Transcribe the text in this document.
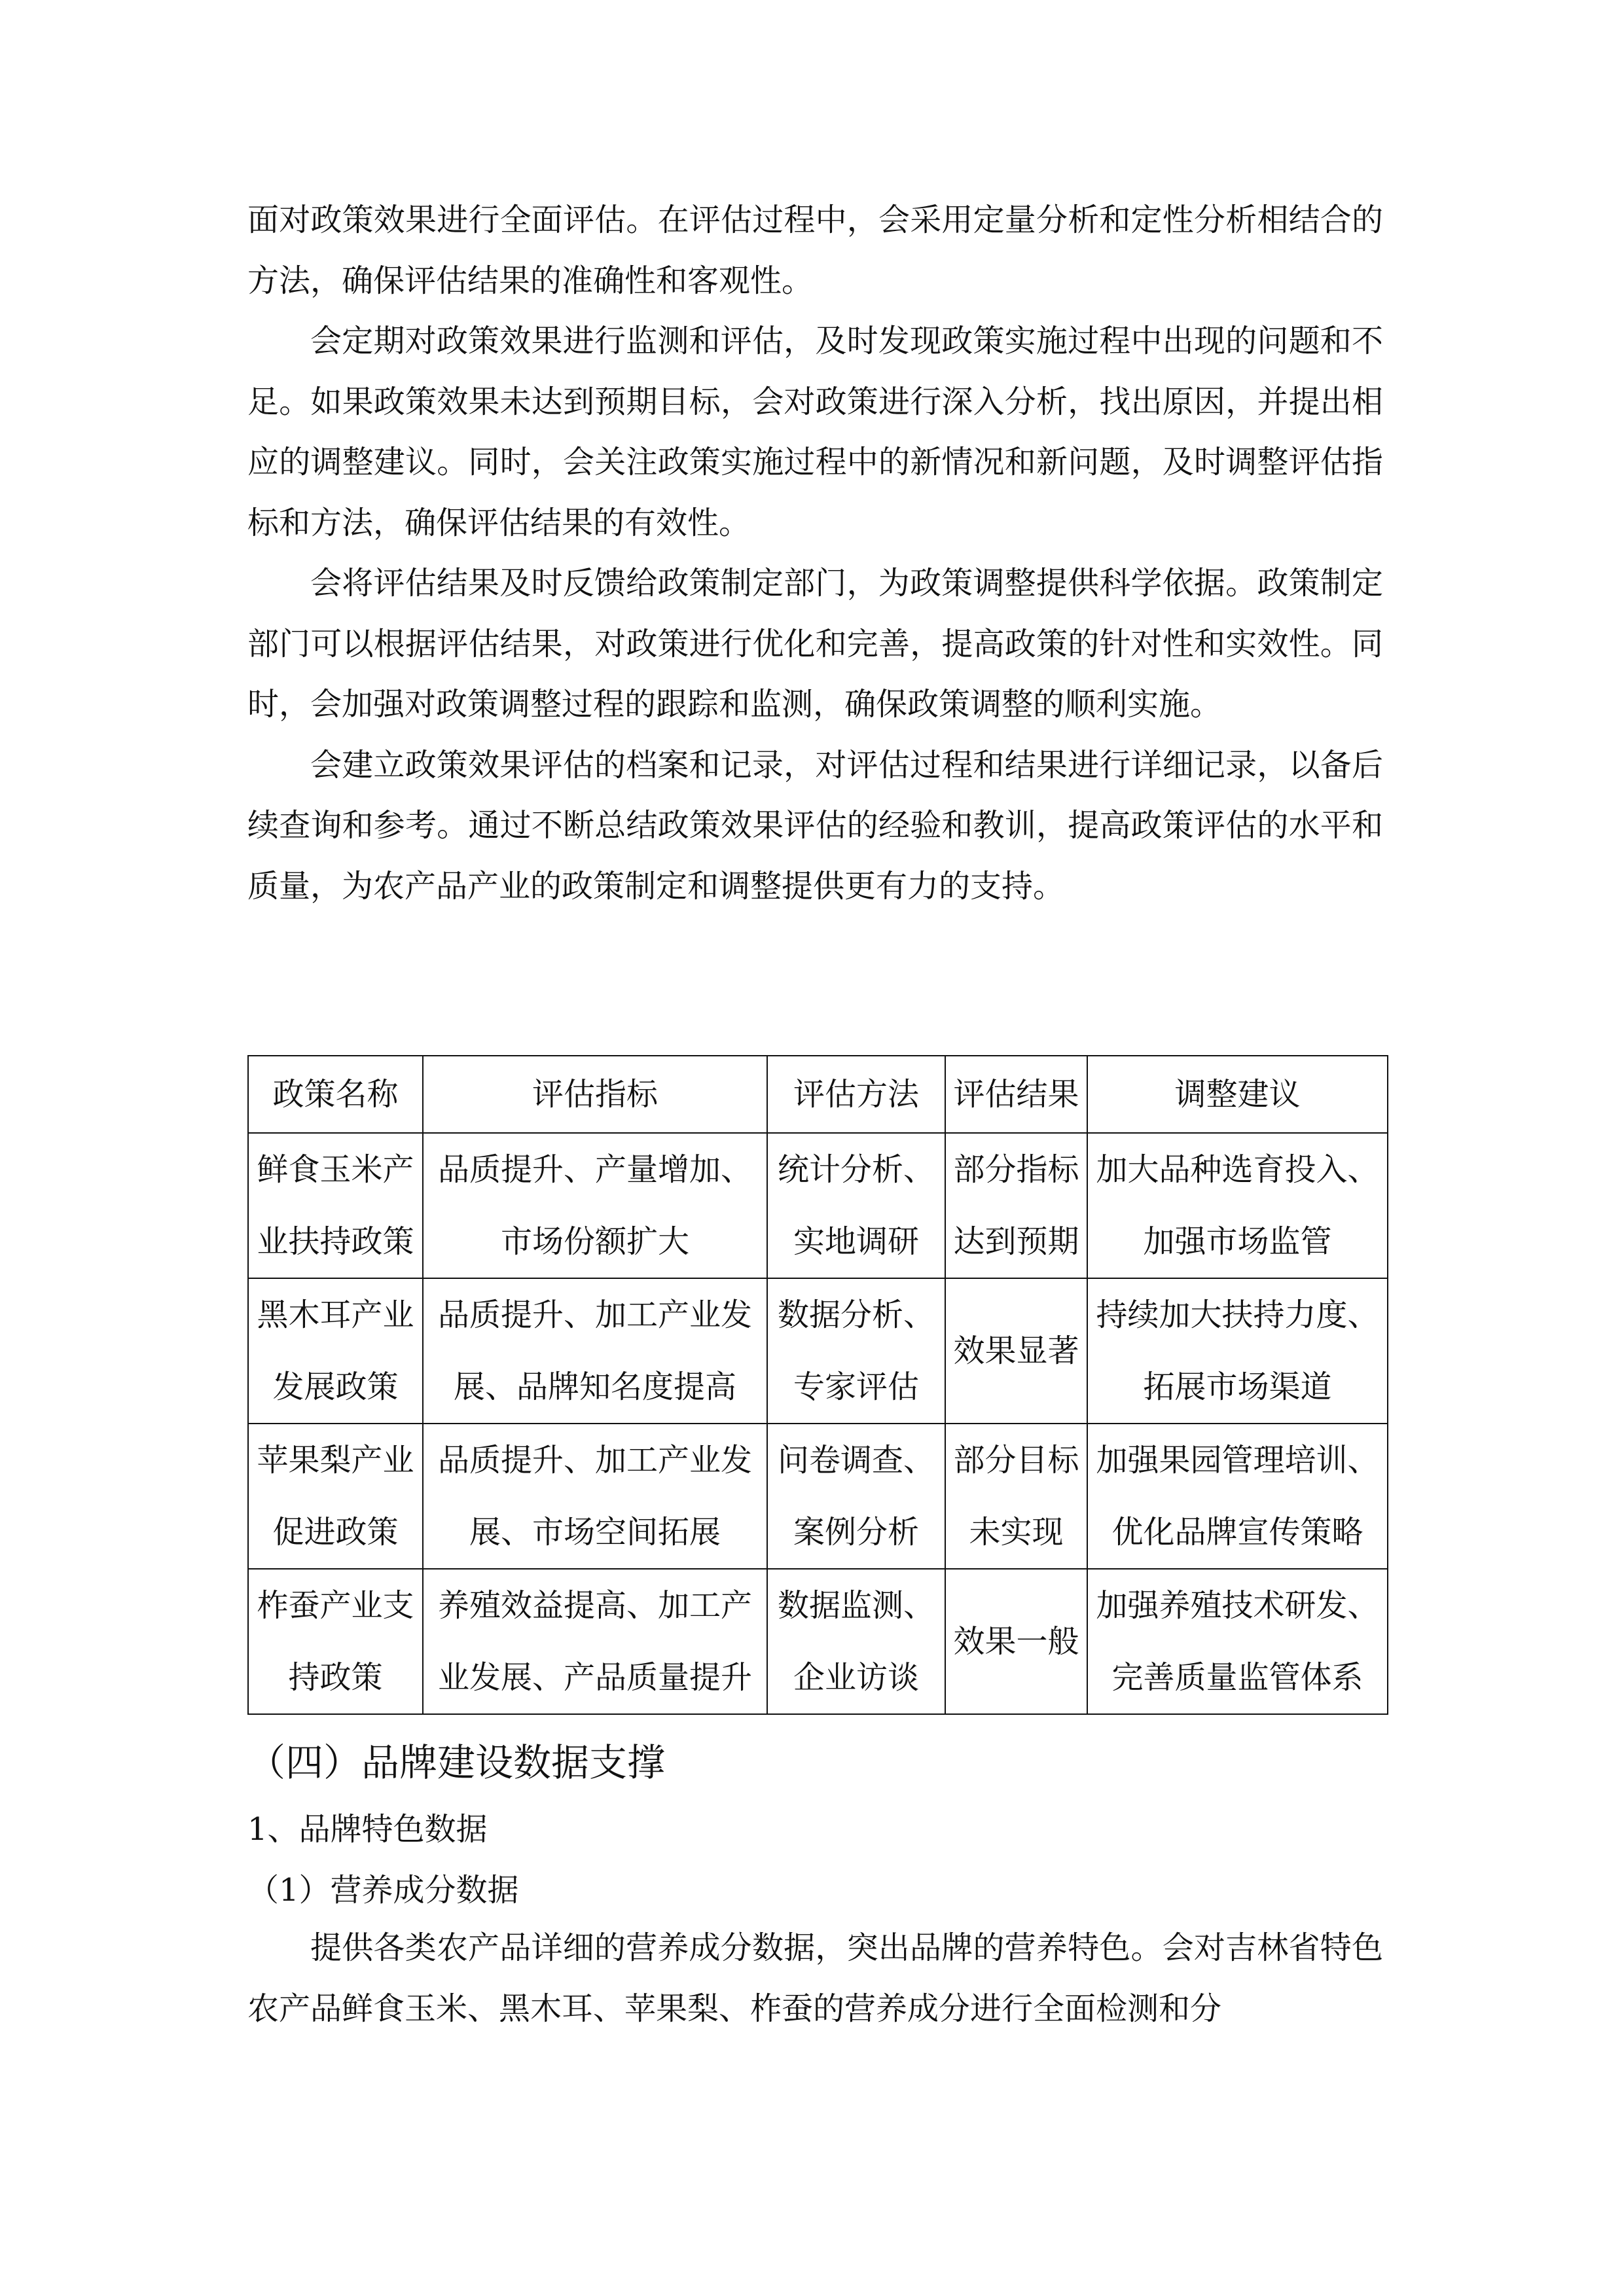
面对政策效果进行全面评估。在评估过程中，会采用定量分析和定性分析相结合的方法，确保评估结果的准确性和客观性。

会定期对政策效果进行监测和评估，及时发现政策实施过程中出现的问题和不足。如果政策效果未达到预期目标，会对政策进行深入分析，找出原因，并提出相应的调整建议。同时，会关注政策实施过程中的新情况和新问题，及时调整评估指标和方法，确保评估结果的有效性。

会将评估结果及时反馈给政策制定部门，为政策调整提供科学依据。政策制定部门可以根据评估结果，对政策进行优化和完善，提高政策的针对性和实效性。同时，会加强对政策调整过程的跟踪和监测，确保政策调整的顺利实施。

会建立政策效果评估的档案和记录，对评估过程和结果进行详细记录，以备后续查询和参考。通过不断总结政策效果评估的经验和教训，提高政策评估的水平和质量，为农产品产业的政策制定和调整提供更有力的支持。

政策名称	评估指标	评估方法	评估结果	调整建议
鲜食玉米产业扶持政策	品质提升、产量增加、市场份额扩大	统计分析、实地调研	部分指标达到预期	加大品种选育投入、加强市场监管
黑木耳产业发展政策	品质提升、加工产业发展、品牌知名度提高	数据分析、专家评估	效果显著	持续加大扶持力度、拓展市场渠道
苹果梨产业促进政策	品质提升、加工产业发展、市场空间拓展	问卷调查、案例分析	部分目标未实现	加强果园管理培训、优化品牌宣传策略
柞蚕产业支持政策	养殖效益提高、加工产业发展、产品质量提升	数据监测、企业访谈	效果一般	加强养殖技术研发、完善质量监管体系
（四）品牌建设数据支撑

1、品牌特色数据

（1）营养成分数据

提供各类农产品详细的营养成分数据，突出品牌的营养特色。会对吉林省特色农产品鲜食玉米、黑木耳、苹果梨、柞蚕的营养成分进行全面检测和分
